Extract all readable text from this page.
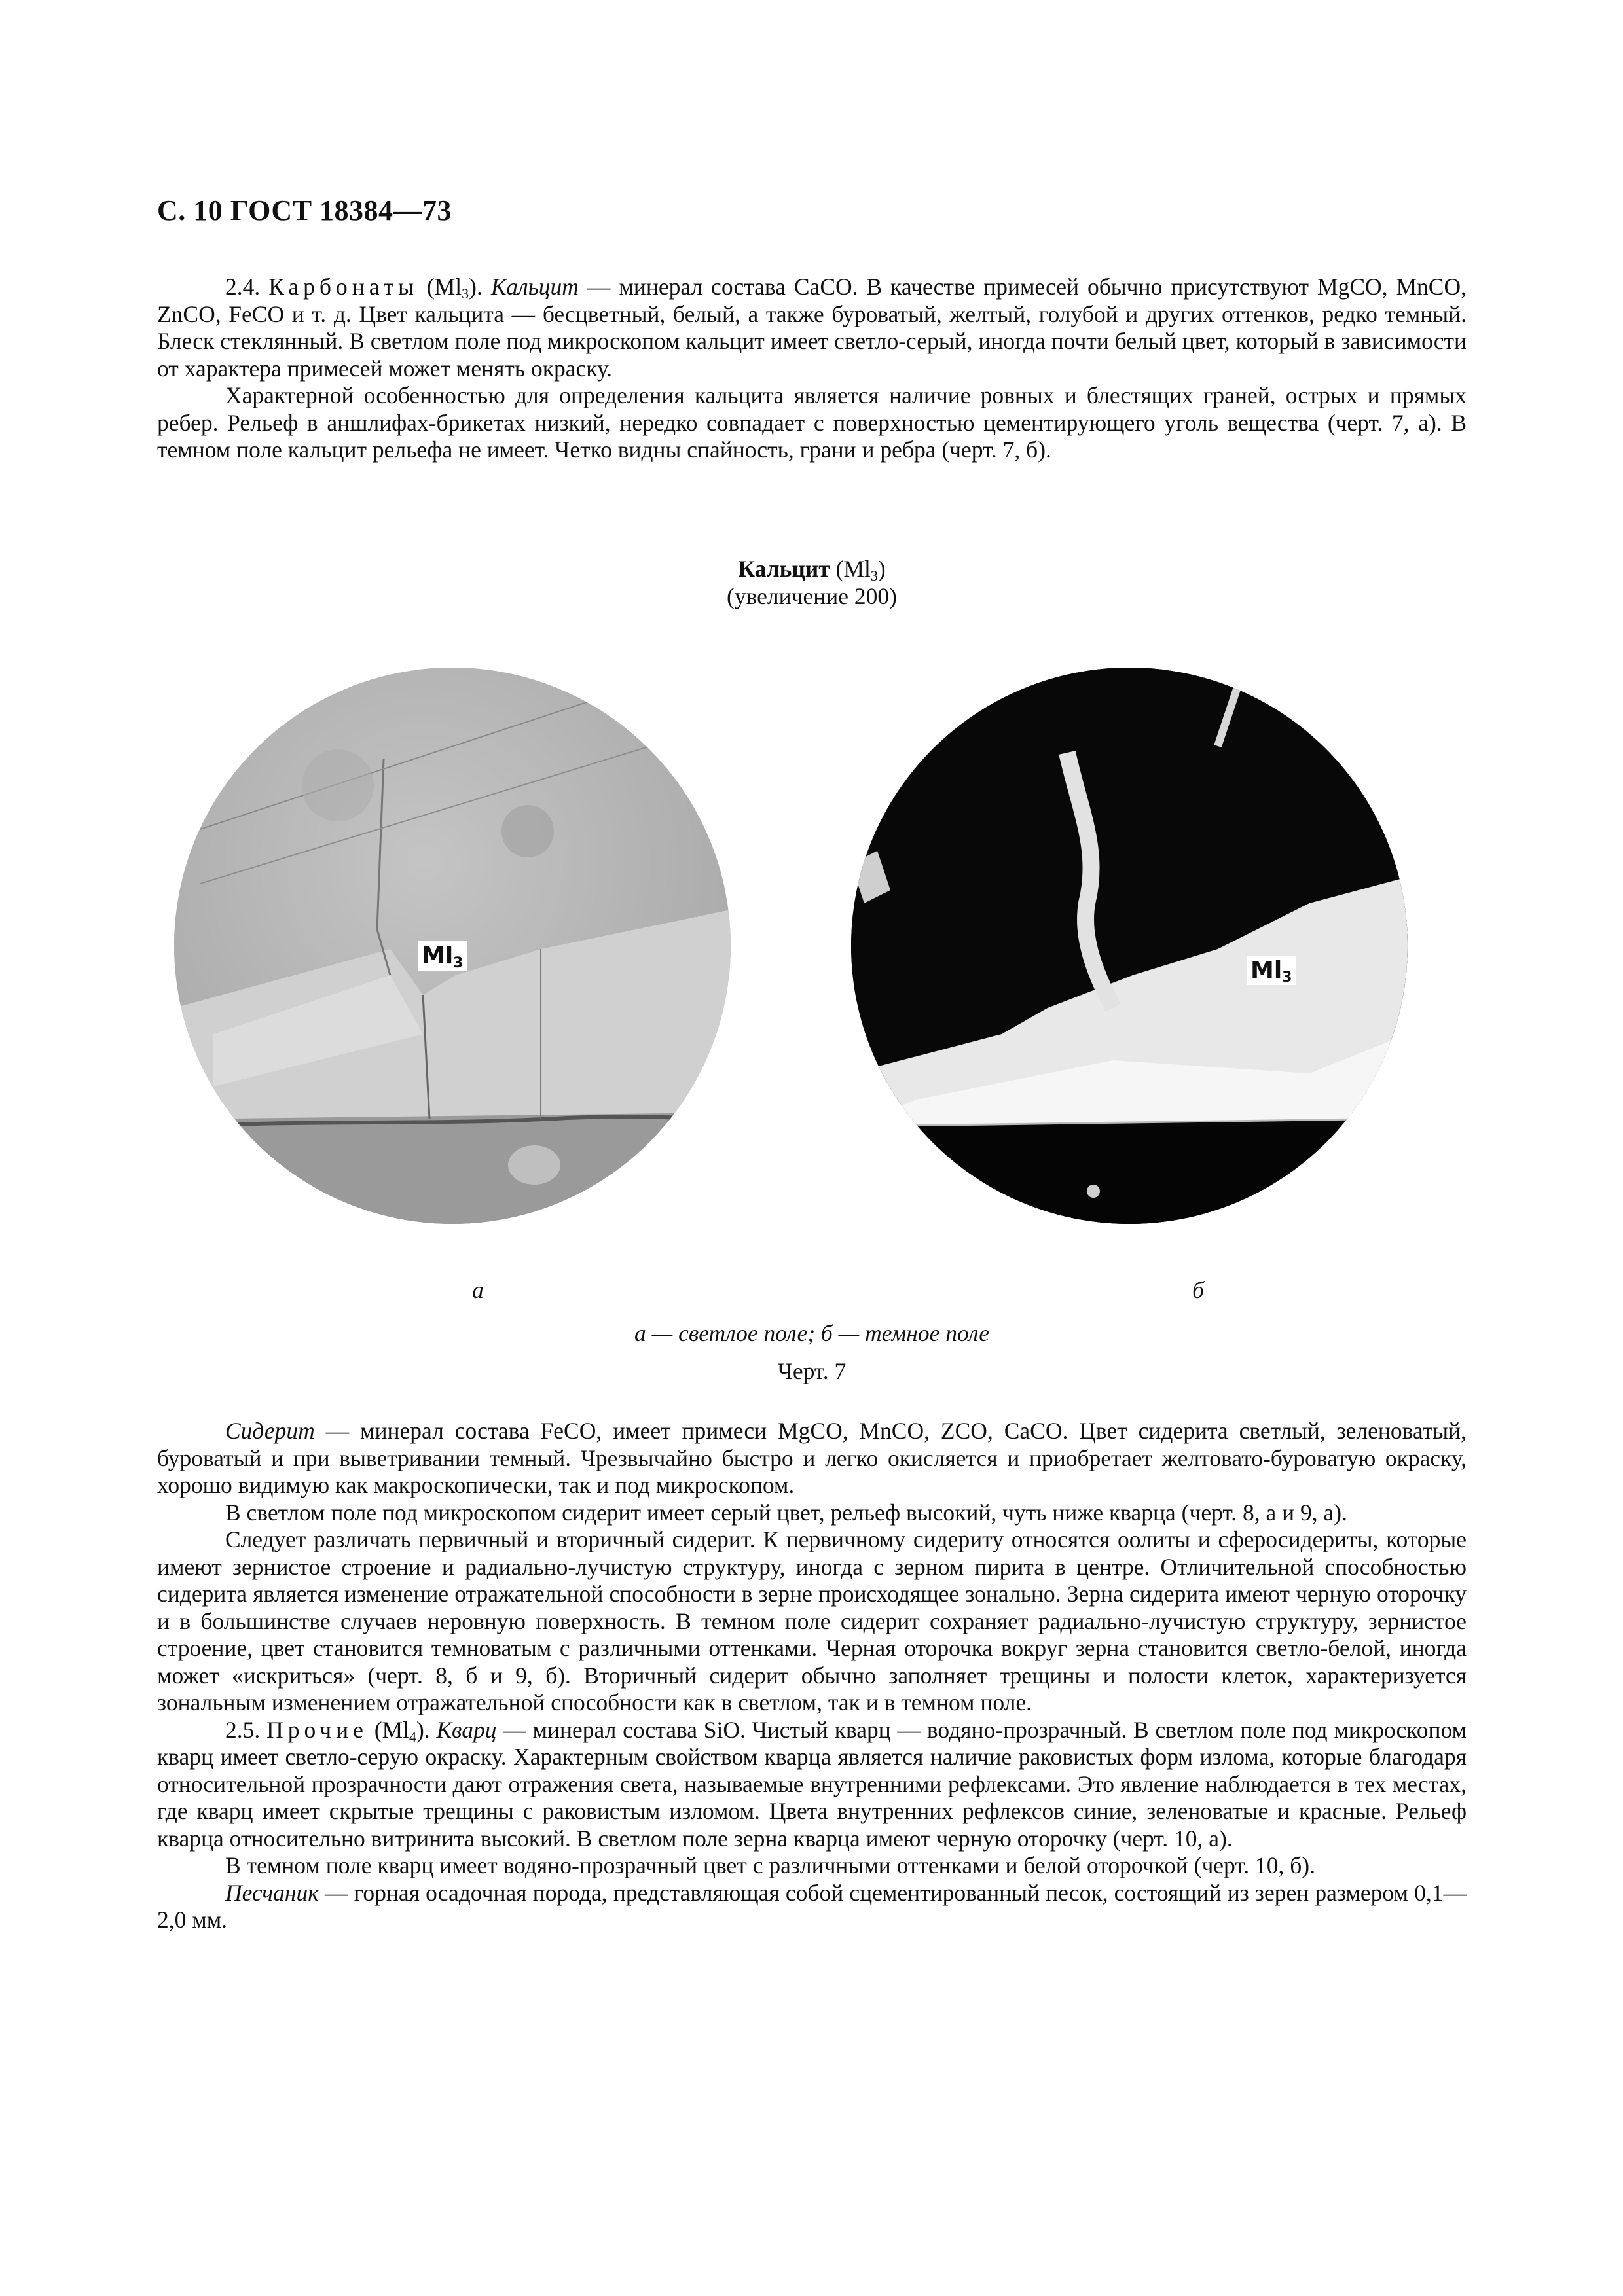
С. 10 ГОСТ 18384—73

2.4. Карбонаты $(Ml_3)$. Кальцит — минерал состава CaCO. В качестве примесей обычно присутствуют MgCO, MnCO, ZnCO, FeCO и т. д. Цвет кальцита — бесцветный, белый, а также буроватый, желтый, голубой и других оттенков, редко темный. Блеск стеклянный. В светлом поле под микроскопом кальцит имеет светло-серый, иногда почти белый цвет, который в зависимости от характера примесей может менять окраску.

Характерной особенностью для определения кальцита является наличие ровных и блестящих граней, острых и прямых ребер. Рельеф в аншлифах-брикетах низкий, нередко совпадает с поверхностью цементирующего уголь вещества (черт. 7, а). В темном поле кальцит рельефа не имеет. Четко видны спайность, грани и ребра (черт. 7, б).

Кальцит $(Ml_3)$
(увеличение 200)
$Ml_3$	$Ml_3$
а	б
а — светлое поле; б — темное поле
Черт. 7

Сидерит — минерал состава FeCO, имеет примеси MgCO, MnCO, ZCO, CaCO. Цвет сидерита светлый, зеленоватый, буроватый и при выветривании темный. Чрезвычайно быстро и легко окисляется и приобретает желтовато-буроватую окраску, хорошо видимую как макроскопически, так и под микроскопом.

В светлом поле под микроскопом сидерит имеет серый цвет, рельеф высокий, чуть ниже кварца (черт. 8, а и 9, а).

Следует различать первичный и вторичный сидерит. К первичному сидериту относятся оолиты и сферосидериты, которые имеют зернистое строение и радиально-лучистую структуру, иногда с зерном пирита в центре. Отличительной способностью сидерита является изменение отражательной способности в зерне происходящее зонально. Зерна сидерита имеют черную оторочку и в большинстве случаев неровную поверхность. В темном поле сидерит сохраняет радиально-лучистую структуру, зернистое строение, цвет становится темноватым с различными оттенками. Черная оторочка вокруг зерна становится светло-белой, иногда может «искриться» (черт. 8, б и 9, б). Вторичный сидерит обычно заполняет трещины и полости клеток, характеризуется зональным изменением отражательной способности как в светлом, так и в темном поле.

2.5. Прочие $(Ml_4)$. Кварц — минерал состава SiO. Чистый кварц — водяно-прозрачный. В светлом поле под микроскопом кварц имеет светло-серую окраску. Характерным свойством кварца является наличие раковистых форм излома, которые благодаря относительной прозрачности дают отражения света, называемые внутренними рефлексами. Это явление наблюдается в тех местах, где кварц имеет скрытые трещины с раковистым изломом. Цвета внутренних рефлексов синие, зеленоватые и красные. Рельеф кварца относительно витринита высокий. В светлом поле зерна кварца имеют черную оторочку (черт. 10, а).

В темном поле кварц имеет водяно-прозрачный цвет с различными оттенками и белой оторочкой (черт. 10, б).

Песчаник — горная осадочная порода, представляющая собой сцементированный песок, состоящий из зерен размером 0,1—2,0 мм.
